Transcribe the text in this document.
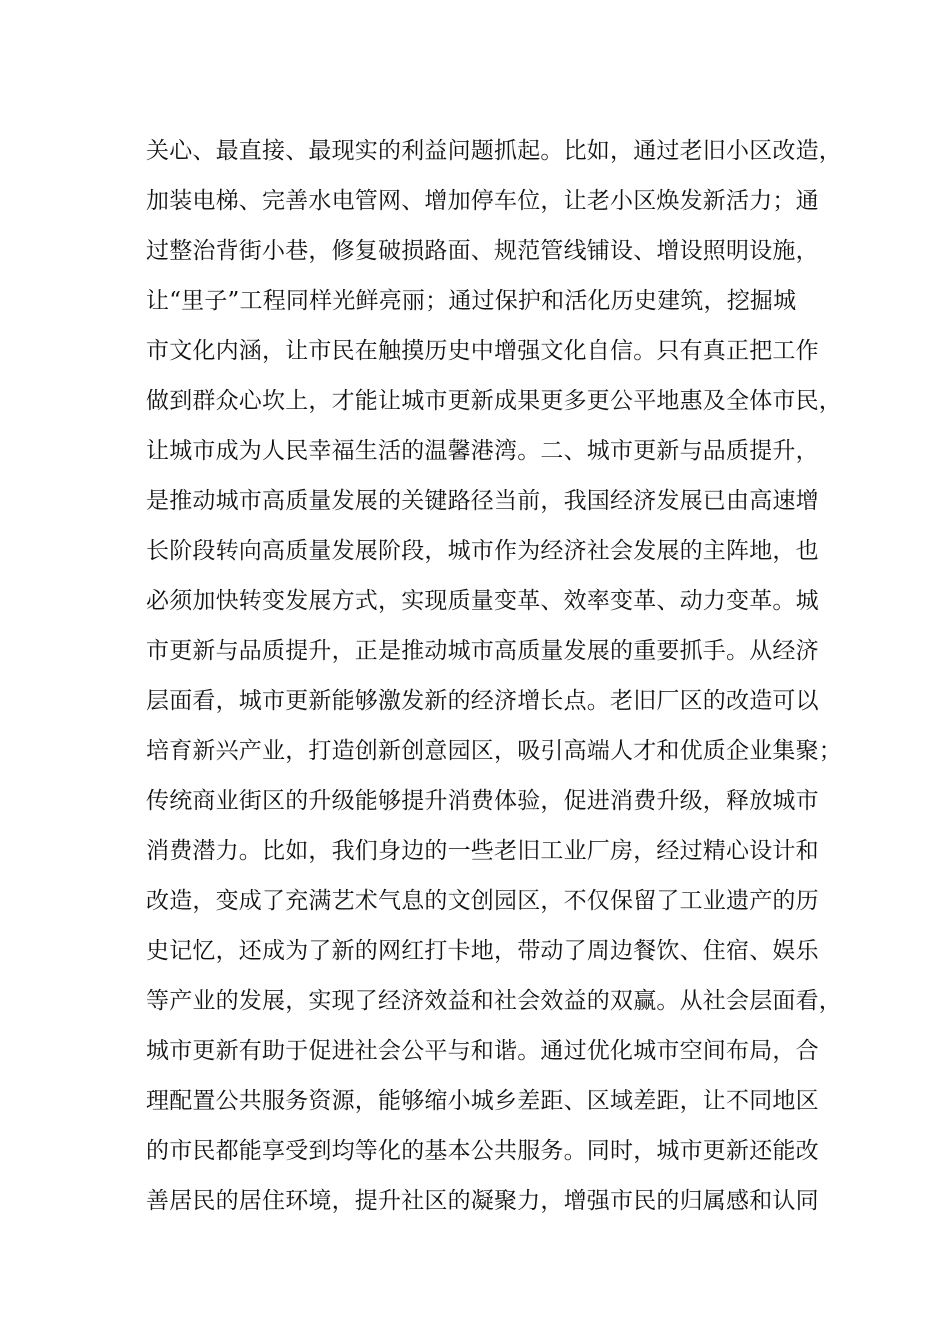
关心、最直接、最现实的利益问题抓起。比如，通过老旧小区改造，
加装电梯、完善水电管网、增加停车位，让老小区焕发新活力；通
过整治背街小巷，修复破损路面、规范管线铺设、增设照明设施，
让“里子”工程同样光鲜亮丽；通过保护和活化历史建筑，挖掘城
市文化内涵，让市民在触摸历史中增强文化自信。只有真正把工作
做到群众心坎上，才能让城市更新成果更多更公平地惠及全体市民，
让城市成为人民幸福生活的温馨港湾。二、城市更新与品质提升，
是推动城市高质量发展的关键路径当前，我国经济发展已由高速增
长阶段转向高质量发展阶段，城市作为经济社会发展的主阵地，也
必须加快转变发展方式，实现质量变革、效率变革、动力变革。城
市更新与品质提升，正是推动城市高质量发展的重要抓手。从经济
层面看，城市更新能够激发新的经济增长点。老旧厂区的改造可以
培育新兴产业，打造创新创意园区，吸引高端人才和优质企业集聚；
传统商业街区的升级能够提升消费体验，促进消费升级，释放城市
消费潜力。比如，我们身边的一些老旧工业厂房，经过精心设计和
改造，变成了充满艺术气息的文创园区，不仅保留了工业遗产的历
史记忆，还成为了新的网红打卡地，带动了周边餐饮、住宿、娱乐
等产业的发展，实现了经济效益和社会效益的双赢。从社会层面看，
城市更新有助于促进社会公平与和谐。通过优化城市空间布局，合
理配置公共服务资源，能够缩小城乡差距、区域差距，让不同地区
的市民都能享受到均等化的基本公共服务。同时，城市更新还能改
善居民的居住环境，提升社区的凝聚力，增强市民的归属感和认同
